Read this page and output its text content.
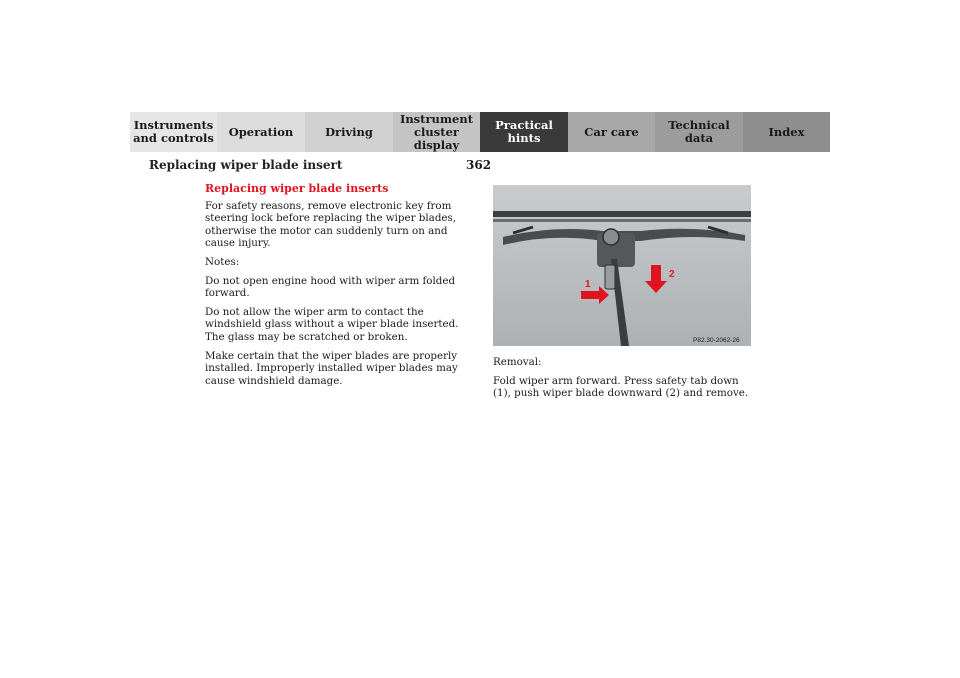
Instruments
and controls	Operation	Driving
Instrument
cluster display
Practical hints	Car care	Technical
data	Index
Replacing wiper blade insert	362
Replacing wiper blade inserts

For safety reasons, remove electronic key from steering lock before replacing the wiper blades, otherwise the motor can suddenly turn on and cause injury.

Notes:

Do not open engine hood with wiper arm folded forward.

Do not allow the wiper arm to contact the windshield glass without a wiper blade inserted. The glass may be scratched or broken.

Make certain that the wiper blades are properly installed. Improperly installed wiper blades may cause windshield damage.

1
2
P82.30-2062-26

Removal:

Fold wiper arm forward. Press safety tab down (1), push wiper blade downward (2) and remove.
